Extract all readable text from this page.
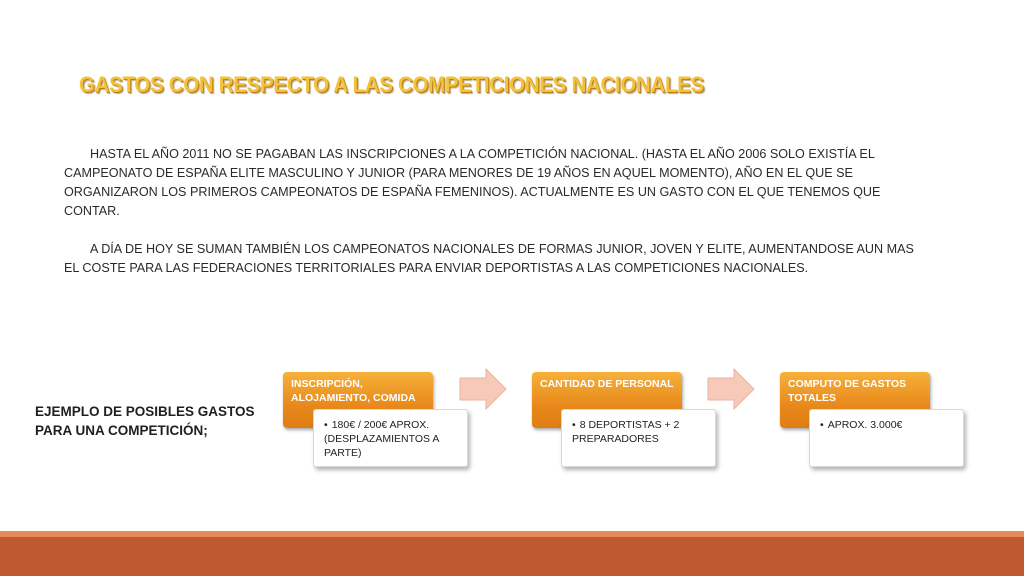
GASTOS CON RESPECTO A LAS COMPETICIONES NACIONALES
HASTA EL AÑO 2011 NO SE PAGABAN LAS INSCRIPCIONES A LA COMPETICIÓN NACIONAL. (HASTA EL AÑO 2006 SOLO EXISTÍA EL CAMPEONATO DE ESPAÑA ELITE MASCULINO Y JUNIOR (PARA MENORES DE 19 AÑOS EN AQUEL MOMENTO), AÑO EN EL QUE SE ORGANIZARON LOS PRIMEROS CAMPEONATOS DE ESPAÑA FEMENINOS). ACTUALMENTE ES UN GASTO CON EL QUE TENEMOS QUE CONTAR.
A DÍA DE HOY SE SUMAN TAMBIÉN LOS CAMPEONATOS NACIONALES DE FORMAS JUNIOR, JOVEN Y ELITE, AUMENTANDOSE AUN MAS EL COSTE PARA LAS FEDERACIONES TERRITORIALES PARA ENVIAR DEPORTISTAS A LAS COMPETICIONES NACIONALES.
EJEMPLO DE POSIBLES GASTOS PARA UNA COMPETICIÓN;
INSCRIPCIÓN, ALOJAMIENTO, COMIDA
• 180€ / 200€ APROX. (DESPLAZAMIENTOS A PARTE)
CANTIDAD DE PERSONAL
• 8 DEPORTISTAS + 2 PREPARADORES
COMPUTO DE GASTOS TOTALES
• APROX. 3.000€
